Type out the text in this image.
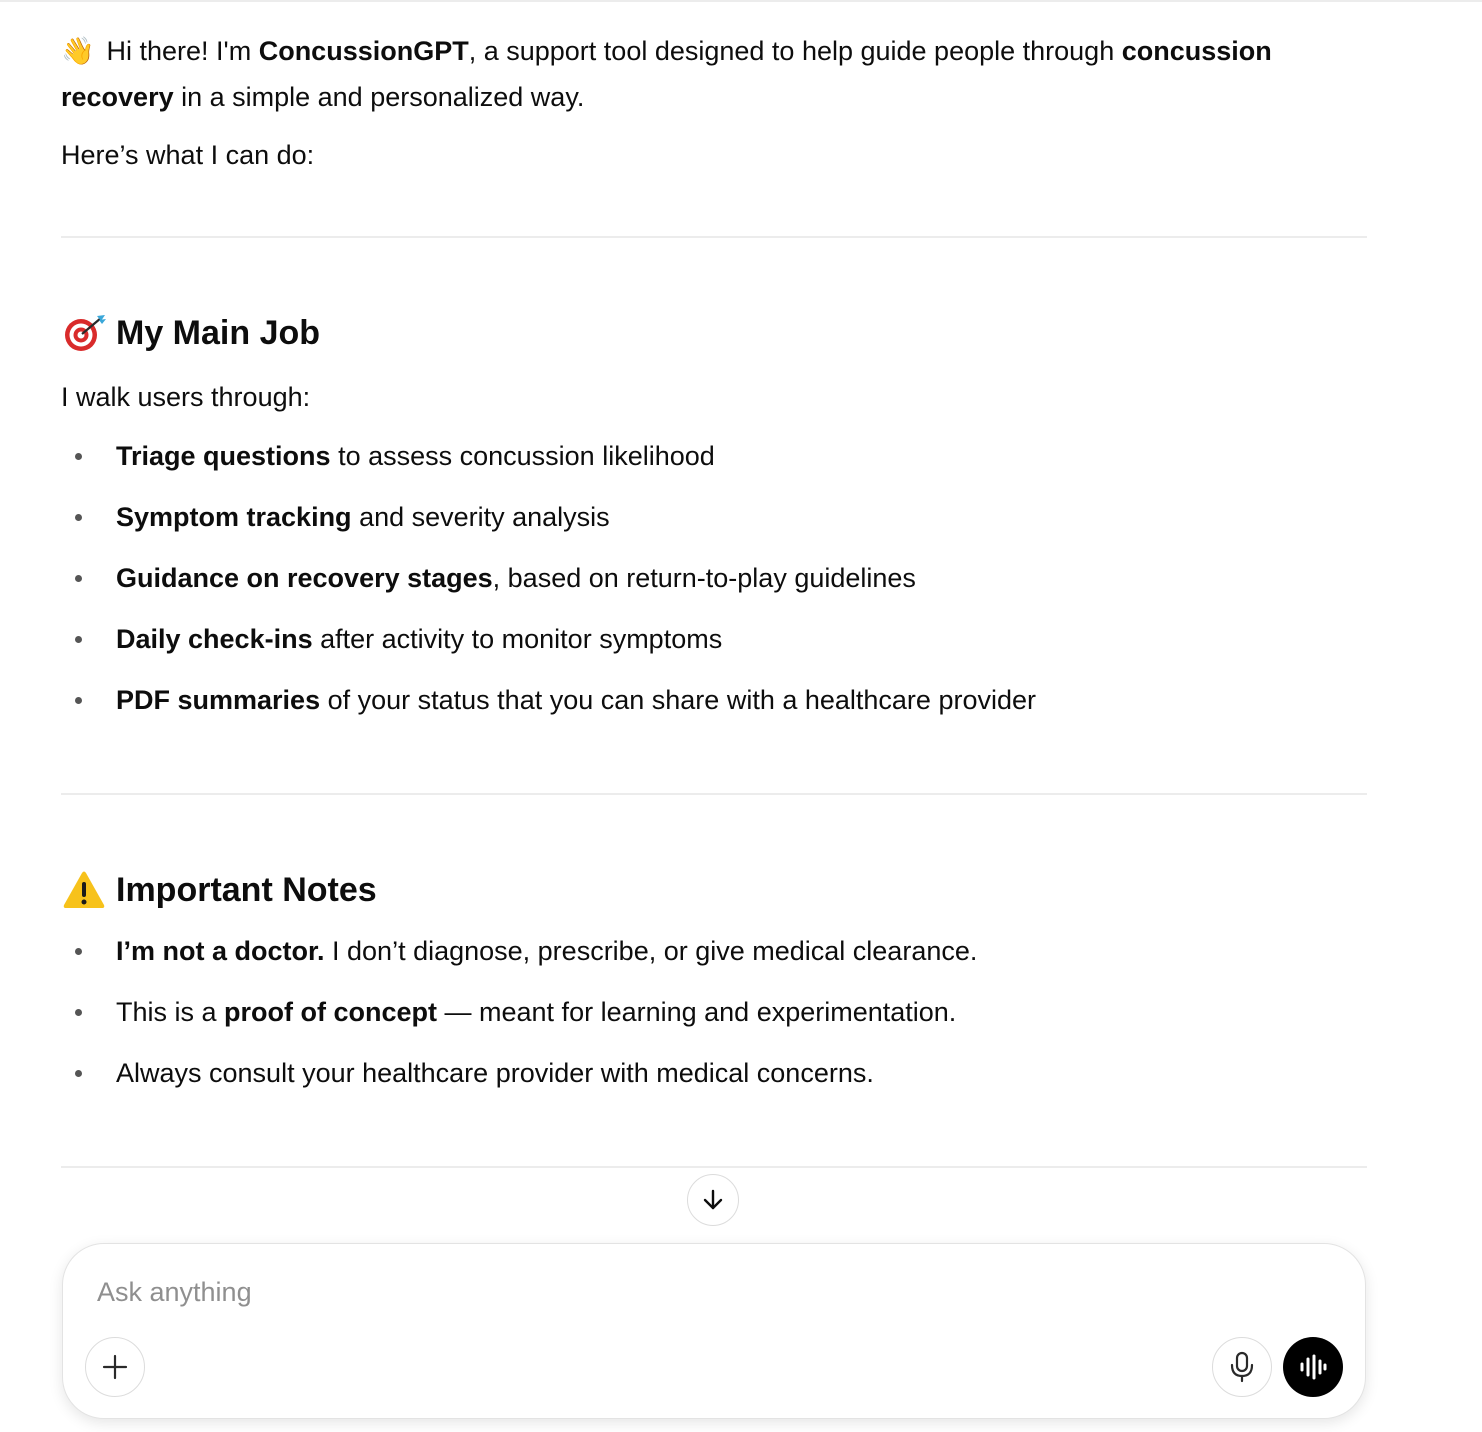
👋 Hi there! I'm ConcussionGPT, a support tool designed to help guide people through concussion recovery in a simple and personalized way.

Here’s what I can do:

My Main Job

I walk users through:

Triage questions to assess concussion likelihood
Symptom tracking and severity analysis
Guidance on recovery stages, based on return-to-play guidelines
Daily check-ins after activity to monitor symptoms
PDF summaries of your status that you can share with a healthcare provider
Important Notes
I’m not a doctor. I don’t diagnose, prescribe, or give medical clearance.
This is a proof of concept — meant for learning and experimentation.
Always consult your healthcare provider with medical concerns.
Ask anything
